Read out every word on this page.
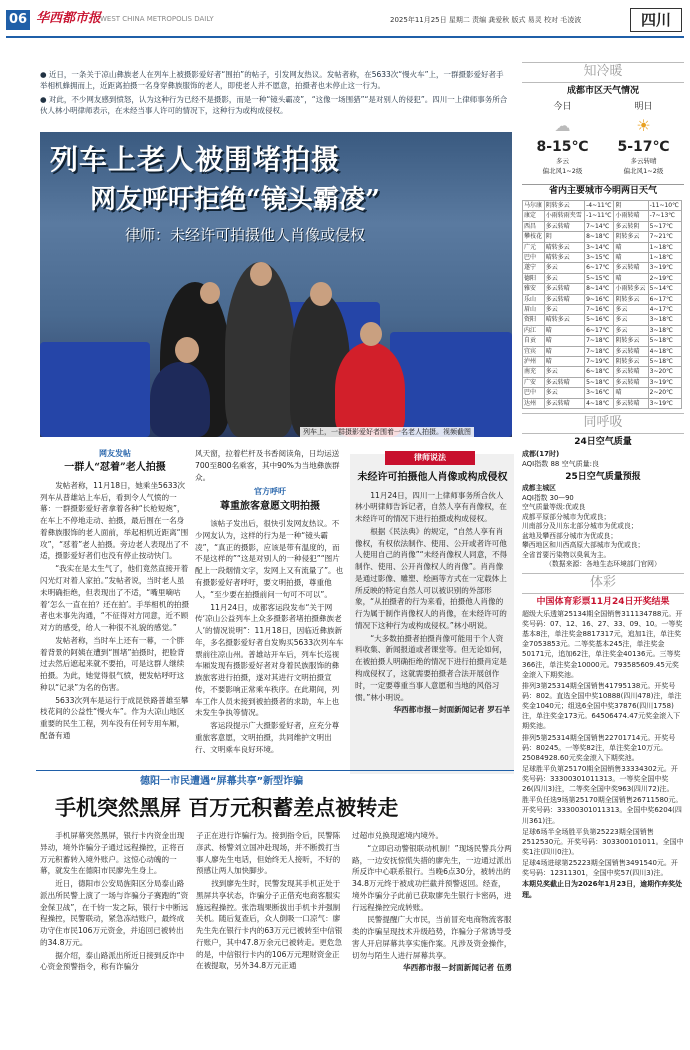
06 华西都市报
WEST CHINA METROPOLIS DAILY	2025年11月25日 星期二 责编 龚爱秋 版式 易灵 校对 毛凌波	四川

● 近日，一条关于凉山彝族老人在列车上被摄影爱好者“围拍”的帖子，引发网友热议。发帖者称，在5633次“慢火车”上，一群摄影爱好者手举相机蜂拥而上，近距离拍摄一名身穿彝族服饰的老人，即使老人并不愿意，拍摄者也未停止这一行为。

● 对此，不少网友感到愤怒，认为这种行为已经不是摄影，而是一种“镜头霸凌”，“这像一场围猎”“是对别人的侵犯”。四川一上律师事务所合伙人林小明律师表示，在未经当事人许可的情况下，这种行为或构成侵权。

列车上老人被围堵拍摄
网友呼吁拒绝“镜头霸凌”
律师：未经许可拍摄他人肖像或侵权
列车上，一群摄影爱好者围着一名老人拍摄。视频截图
网友发帖
一群人“怼着”老人拍摄

发帖者称，11月18日，她乘坐5633次列车从普雄站上车后，看到令人气愤的一幕：一群摄影爱好者拿着各种“长枪短炮”，在车上不停地走动、拍摄，最后围在一名身着彝族服饰的老人面前，举起相机近距离“围攻”，“怼着”老人拍摄。旁边老人表现出了不适，摄影爱好者们也没有停止按动快门。

“我实在是太生气了，他们竟然直接开着闪光灯对着人家拍。”发帖者说，当时老人虽未明确拒绝，但表现出了不适，“嘴里嘀咕着‘怎么一直在拍？还在拍’。手举相机的拍摄者也未事先沟通，“不征得对方同意，近不顾对方的感受，给人一种很不礼貌的感觉。”

发帖者称，当时车上还有一幕，一个胖着背景的阿姨在遭到“围堵”拍摄时，把脸背过去然后遮起来就不要拍，可是这群人继续拍摄。为此，她觉得很气愤，便发帖呼吁这种以“记录”为名的伤害。

5633次列车是运行于成昆铁路普雄至攀枝花间的公益性“慢火车”。作为大凉山地区重要的民生工程，列车没有任何专用车厢，配备有通

风天窗，拉着栏杆及书香阅读角，日均运送700至800名乘客，其中90%为当地彝族群众。

官方呼吁
尊重旅客意愿文明拍摄

该帖子发出后，很快引发网友热议。不少网友认为，这样的行为是一种“镜头霸凌”，“真正的摄影，应该是带有温度的，而不是这样的”“这是对别人的一种侵犯”“图片配上一段烟情文字，发网上又有流量了”。也有摄影爱好者呼吁，要文明拍摄，尊重他人，“至少要在拍摄前问一句可不可以”。

11月24日，成都客运段发布“关于网传‘凉山公益列车上众多摄影者堵拍摄彝族老人’的情况说明”：11月18日，因临近彝族新年，多名摄影爱好者自发购买5633次列车车票前往凉山州。普雄站开车后，列车长巡视车厢发现有摄影爱好者对身着民族服饰的彝族旅客进行拍摄，遂对其进行文明拍摄宣传，不要影响正常乘车秩序。在此期间，列车工作人员未接到被拍摄者的求助，车上也未发生争执等情况。

客运段提示广大摄影爱好者，应充分尊重旅客意愿，文明拍摄，共同维护文明出行、文明乘车良好环境。

律师说法
未经许可拍摄他人肖像或构成侵权

11月24日，四川一上律师事务所合伙人林小明律师告诉记者，自然人享有肖像权，在未经许可的情况下进行拍摄或构成侵权。

根据《民法典》的规定，“自然人享有肖像权，有权依法制作、使用、公开或者许可他人使用自己的肖像”“未经肖像权人同意，不得制作、使用、公开肖像权人的肖像”。肖肖像是通过影像、雕塑、绘画等方式在一定载体上所反映的特定自然人可以被识别的外部形象，“从拍摄者的行为来看，拍摄他人肖像的行为属于制作肖像权人的肖像，在未经许可的情况下这种行为或构成侵权。”林小明说。

“大多数拍摄者拍摄肖像可能用于个人资料收集、新闻报道或者课堂等。但无论如何，在被拍摄人明确拒绝的情况下进行拍摄肖定是构成侵权了，这就需要拍摄者合法开展创作时，一定要尊重当事人意愿和当地的风俗习惯。”林小明说。

华西都市报－封面新闻记者 罗石羊
德阳一市民遭遇“屏幕共享”新型诈骗
手机突然黑屏 百万元积蓄差点被转走

手机屏幕突然黑屏，银行卡内资金出现异动，境外诈骗分子通过远程操控，正将百万元积蓄转入境外账户。这惊心动魄的一幕，就发生在德阳市民廖先生身上。

近日，德阳市公安局旌阳区分局泰山路派出所民警上演了一场与诈骗分子赛跑的“资金保卫战”，在千钧一发之际，银行卡中断远程操控，民警联动，紧急冻结账户，最终成功守住市民106万元资金，并追回已被转出的34.8万元。

据介绍，泰山路派出所近日接到反诈中心资金预警指令，称有诈骗分

子正在进行诈骗行为。接到指令后，民警陈彦武、杨警刘立国冲赴现场，并不断拨打当事人廖先生电话，但始终无人接听，不好的预感让两人加快脚步。

找到廖先生时，民警发现其手机正处于黑屏共享状态，诈骗分子正借充电商客服实施远程操控。张浩瑞果断拔出手机卡并强制关机。随后复查后，众人倒吸一口凉气：廖先生先在银行卡内的63万元已被转至中信银行账户，其中47.8万余元已被转走。更危急的是，中信银行卡内的106万元理财资金正在被提取，另外34.8万元正通

过超市兑换现遮境内境外。

“立即启动警银联动机制！”现场民警兵分两路，一边安抚惊慌失措的廖先生，一边通过派出所反诈中心联系银行。当晚6点30分，被转出的34.8万元终于被成功拦截并预警返回。经查，境外诈骗分子此前已获取廖先生银行卡密码，进行远程操控完成转账。

民警提醒广大市民，当前冒充电商物流客服类的诈骗呈现技术升级趋势，诈骗分子常诱导受害人开启屏幕共享实施作案。凡涉及资金操作，切勿与陌生人进行屏幕共享。

华西都市报－封面新闻记者 伍勇
知冷暖
成都市区天气情况
今日
☁
8-15℃
多云
偏北风1~2级
明日
☀
5-17℃
多云转晴
偏北风1~2级
省内主要城市今明两日天气
马尔康	阴转多云	-4~11℃	阴	-11~10℃
康定	小雨转雨夹雪	-1~11℃	小雨转晴	-7~13℃
西昌	多云转晴	7~14℃	多云转阴	5~17℃
攀枝花	阴	8~18℃	阴转多云	7~21℃
广元	晴转多云	3~14℃	晴	1~18℃
巴中	晴转多云	3~15℃	晴	1~18℃
遂宁	多云	6~17℃	多云转晴	3~19℃
德阳	多云	5~15℃	晴	2~19℃
雅安	多云转晴	8~14℃	小雨转多云	5~14℃
乐山	多云转晴	9~16℃	阴转多云	6~17℃
眉山	多云	7~16℃	多云	4~17℃
资阳	晴转多云	5~16℃	多云	3~18℃
内江	晴	6~17℃	多云	3~18℃
自贡	晴	7~18℃	阴转多云	5~18℃
宜宾	晴	7~18℃	多云转晴	4~18℃
泸州	晴	7~19℃	阴转多云	5~18℃
南充	多云	6~18℃	多云转晴	3~20℃
广安	多云转晴	5~18℃	多云转晴	3~19℃
巴中	多云	3~16℃	晴	2~20℃
达州	多云转晴	4~18℃	多云转晴	3~19℃
同呼吸
24日空气质量
成都(17时)
AQI指数 88 空气质量:良
25日空气质量预报
成都主城区
AQI指数 30—90
空气质量等级:优或良
成都平原部分城市为优或良；
川南部分及川东北部分城市为优或良；
盆地及攀西部分城市为优或良；
攀西地区和川西高原大部城市为优或良；
全省首要污染物以臭氧为主。
（数据来源：各地生态环境部门官网）
体彩
中国体育彩票11月24日开奖结果

超级大乐透第25134期全国销售311134788元。开奖号码：07、12、16、27、33、09、10。一等奖基本8注，单注奖金8817317元，追加1注，单注奖金7053853元。二等奖基本245注，单注奖金50171元，追加62注，单注奖金40136元。三等奖366注，单注奖金10000元。793585609.45元奖金滚入下期奖池。

排列3第25314期全国销售41795138元。开奖号码：802。直选全国中奖10888(四川478)注，单注奖金1040元；组选6全国中奖37876(四川1758)注，单注奖金173元。64506474.47元奖金滚入下期奖池。

排列5第25314期全国销售22701714元。开奖号码：80245。一等奖82注，单注奖金10万元。25084928.60元奖金滚入下期奖池。

足球胜平负第25170期全国销售33334302元。开奖号码：33300301011313。一等奖全国中奖26(四川3)注，二等奖全国中奖963(四川72)注。

胜平负任选9场第25170期全国销售26711580元。开奖号码：33300301011313。全国中奖6204(四川361)注。

足球6场半全场胜平负第25223期全国销售2512530元。开奖号码：303300101011。全国中奖1注(四川0注)。

足球4场进球第25223期全国销售3491540元。开奖号码：12311301，全国中奖57(四川3)注。

本期兑奖截止日为2026年1月23日，逾期作弃奖处理。
